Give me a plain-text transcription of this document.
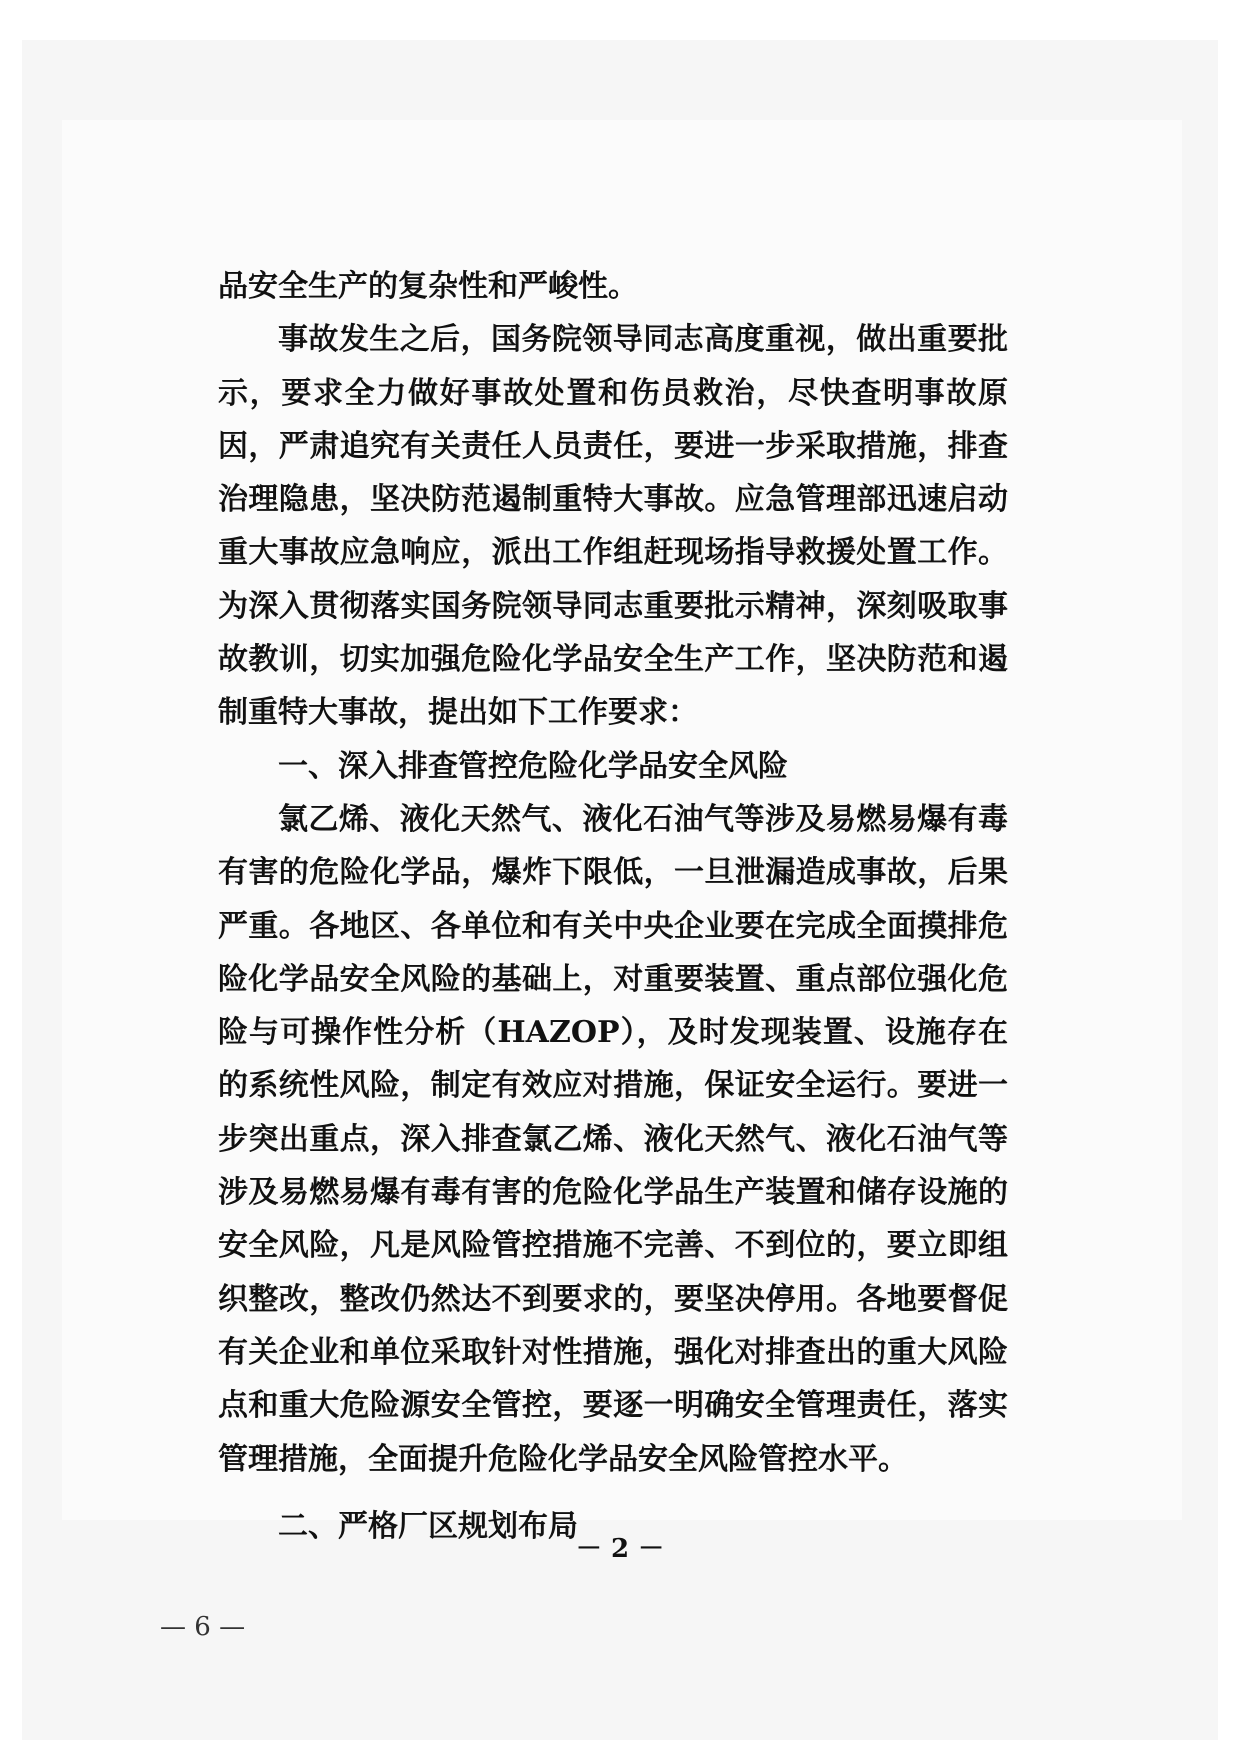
品安全生产的复杂性和严峻性。

事故发生之后，国务院领导同志高度重视，做出重要批示，要求全力做好事故处置和伤员救治，尽快查明事故原因，严肃追究有关责任人员责任，要进一步采取措施，排查治理隐患，坚决防范遏制重特大事故。应急管理部迅速启动重大事故应急响应，派出工作组赶现场指导救援处置工作。为深入贯彻落实国务院领导同志重要批示精神，深刻吸取事故教训，切实加强危险化学品安全生产工作，坚决防范和遏制重特大事故，提出如下工作要求：

一、深入排查管控危险化学品安全风险

氯乙烯、液化天然气、液化石油气等涉及易燃易爆有毒有害的危险化学品，爆炸下限低，一旦泄漏造成事故，后果严重。各地区、各单位和有关中央企业要在完成全面摸排危险化学品安全风险的基础上，对重要装置、重点部位强化危险与可操作性分析（HAZOP），及时发现装置、设施存在的系统性风险，制定有效应对措施，保证安全运行。要进一步突出重点，深入排查氯乙烯、液化天然气、液化石油气等涉及易燃易爆有毒有害的危险化学品生产装置和储存设施的安全风险，凡是风险管控措施不完善、不到位的，要立即组织整改，整改仍然达不到要求的，要坚决停用。各地要督促有关企业和单位采取针对性措施，强化对排查出的重大风险点和重大危险源安全管控，要逐一明确安全管理责任，落实管理措施，全面提升危险化学品安全风险管控水平。

二、严格厂区规划布局

－ 2 －
— 6 —
